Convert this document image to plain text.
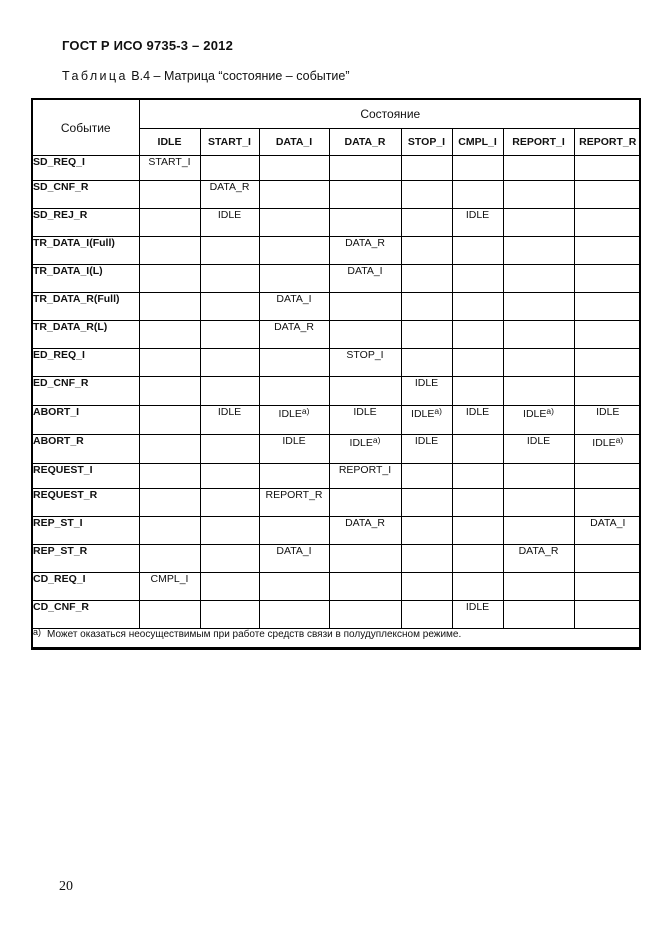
ГОСТ Р ИСО 9735-3 – 2012
Таблица В.4 – Матрица “состояние – событие”
Событие	Состояние							
	IDLE	START_I	DATA_I	DATA_R	STOP_I	CMPL_I	REPORT_I	REPORT_R
SD_REQ_I	START_I							
SD_CNF_R		DATA_R						
SD_REJ_R		IDLE				IDLE		
TR_DATA_I(Full)				DATA_R				
TR_DATA_I(L)				DATA_I				
TR_DATA_R(Full)			DATA_I					
TR_DATA_R(L)			DATA_R					
ED_REQ_I				STOP_I				
ED_CNF_R					IDLE			
ABORT_I		IDLE	IDLE$^{a)}$	IDLE	IDLE$^{a)}$	IDLE	IDLE$^{a)}$	IDLE
ABORT_R			IDLE	IDLE$^{a)}$	IDLE		IDLE	IDLE$^{a)}$
REQUEST_I				REPORT_I				
REQUEST_R			REPORT_R					
REP_ST_I				DATA_R				DATA_I
REP_ST_R			DATA_I				DATA_R	
CD_REQ_I	CMPL_I							
CD_CNF_R						IDLE		
a) Может оказаться неосуществимым при работе средств связи в полудуплексном режиме.								
20
